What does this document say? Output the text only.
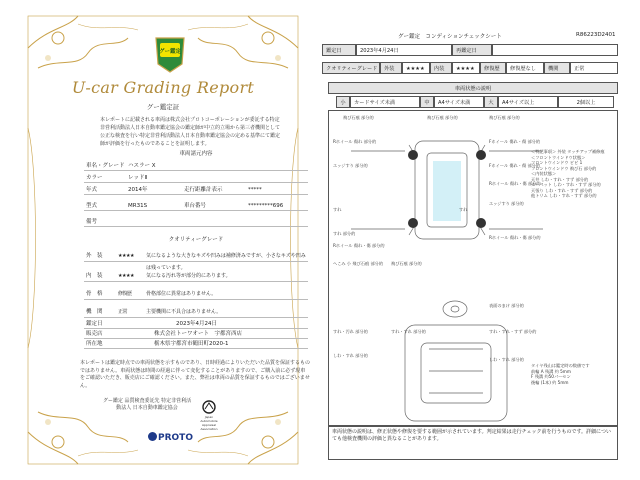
グー鑑定
U-car Grading Report
グー鑑定証
本レポートに記載される車両は株式会社プロトコーポレーションが委託する特定非営利活動法人日本自動車鑑定協会の鑑定師が中立的立場から第三者機関として公正な検査を行い特定非営利活動法人日本自動車鑑定協会の定める基準にて鑑定師が評価を行ったものであることを証明します。
車両諸元内容
車名・グレード ハスラー X
カラー	レッドⅡ
年式	2014年	走行距離計表示	*****
型式	MR31S	車台番号	*********696
備考
クオリティーグレード
外　装	★★★★ 気になるような大きなキズや凹みは補修済みですが、小さなキズや凹みは残っています。
内　装	★★★★ 気になる汚れ等が部分的にあります。
骨　格	修復歴	骨格部位に異常はありません。
機　関	正常	主要機関に不具合はありません。
鑑定日	2023年4月24日
販売店	株式会社トーワオート　宇都宮西店
所在地	栃木県宇都宮市鶴田町2020-1
本レポートは鑑定時点での車両状態を示すものであり、日時経過によりいただいた品質を保証するものではありません。車両状態は時間の経過に伴って変化することがありますので、ご購入前に必ず現車をご確認いただき、販売店にご確認ください。また、弊社は車両の品質を保証するものではございません。
グー鑑定 品質検査委託先 特定非営利活動法人 日本自動車鑑定協会
Japan Automobile Appraisal Association
PROTO
グー鑑定　コンディションチェックシート	R86223D2401
鑑定日	2023年4月24日	再鑑定日
クオリティーグレード	外装	★★★★	内装	★★★★	修復歴	修復歴なし	機関	正常
車両状態の説明
小	カードサイズ未満	中	A4サイズ未満	大	A4サイズ以上	2個以上
飛び石痕 部分的	飛び石痕 部分的	飛び石痕 部分的
Rホイール 傷れ 部分的	Fホイール 傷れ・傷 部分的
エッジすり 部分的	Fホイール 傷れ・傷 部分的
Rホイール 傷れ・傷 部分的
エッジすり 部分的
すれ	すれ
すれ 部分的
Rホイール 傷れ・傷 部分的
Rホイール 傷れ・傷 部分的
へこみ 小 飛び石痕 部分的 飛び石痕 部分的
表面のまけ 部分的
すれ・汚れ 部分的	すれ・すれ 部分的	すれ・すれ・すず 部分的
しわ・すれ 部分的
しわ・すれ 部分的
＜特記事項＞ 外装 タッチアップ補修痕
＜フロントウインドウ状態＞
フロントウインドウ ビビ 1
フロントウインドウ 飛び石 部分的
＜内装状態＞
天井 しわ・すれ・すず 部分的
カーペット しわ・すれ・すず 部分的
天張り しわ・すれ・すず 部分的
他トリム しわ・すれ・すず 部分的
タイヤ残山は鑑定時の数値です
前輪 A 残溝 約 5mm
F 残溝 約50パーセン
後輪 (1本) 約 5mm
車両状態の説明は、修正状態や修復を要する範囲が示されています。判定結果は走行チェック前を行うものです。詳細についても他検査機関の評価と異なることがあります。
